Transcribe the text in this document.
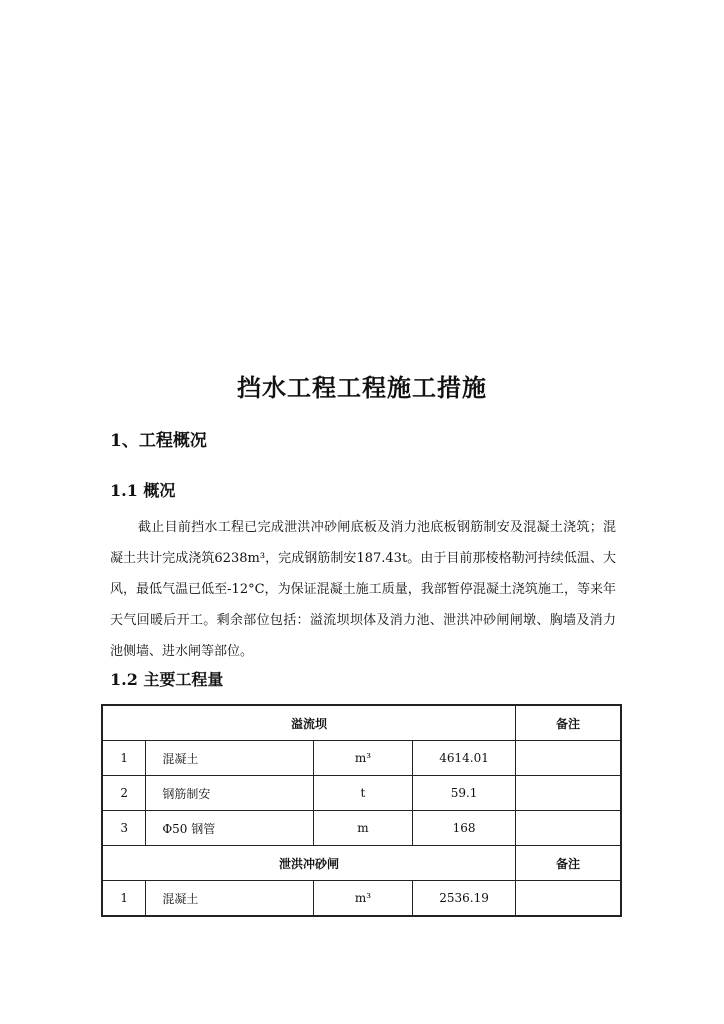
挡水工程工程施工措施
1、工程概况
1.1 概况
截止目前挡水工程已完成泄洪冲砂闸底板及消力池底板钢筋制安及混凝土浇筑；混凝土共计完成浇筑6238m³，完成钢筋制安187.43t。由于目前那棱格勒河持续低温、大风，最低气温已低至-12°C，为保证混凝土施工质量，我部暂停混凝土浇筑施工，等来年天气回暖后开工。剩余部位包括：溢流坝坝体及消力池、泄洪冲砂闸闸墩、胸墙及消力池侧墙、进水闸等部位。
1.2 主要工程量
溢流坝				备注
1	混凝土	m³	4614.01	
2	钢筋制安	t	59.1	
3	Φ50 钢管	m	168	
泄洪冲砂闸				备注
1	混凝土	m³	2536.19	
